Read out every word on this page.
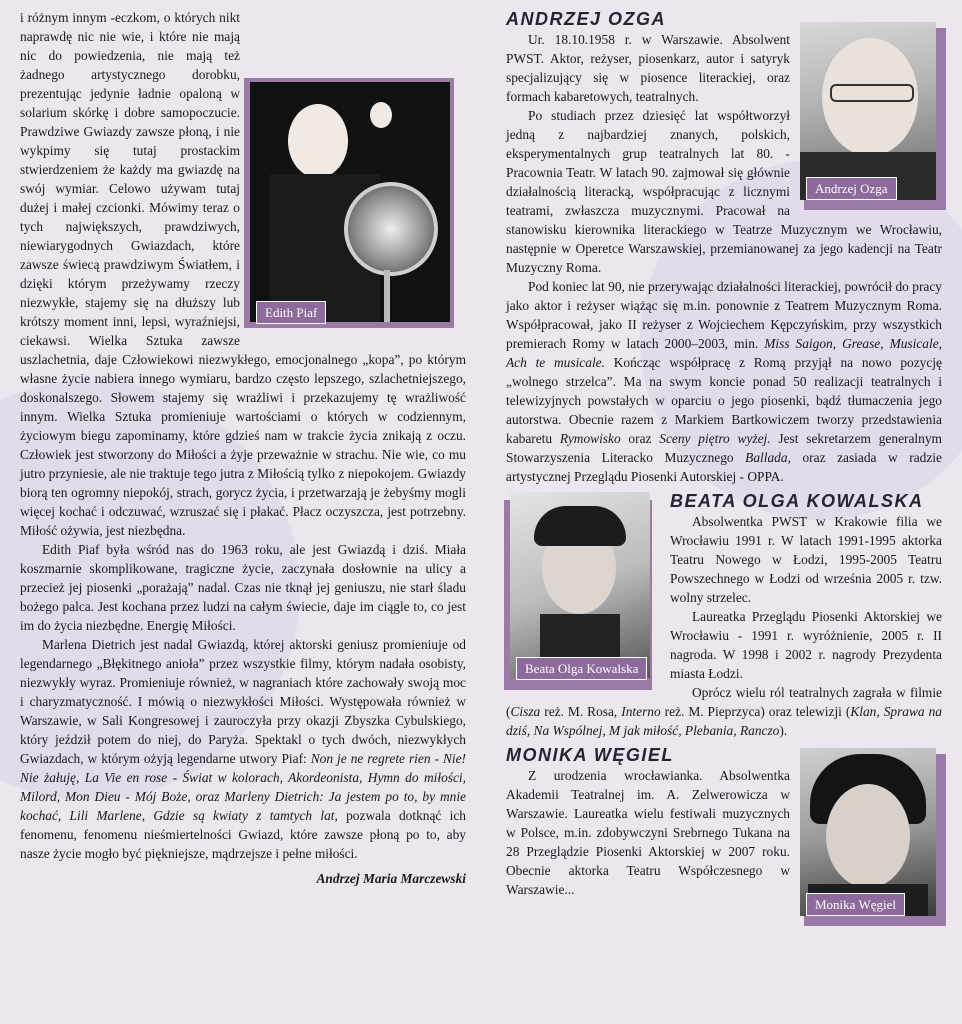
Edith Piaf

i różnym innym -eczkom, o których nikt naprawdę nic nie wie, i które nie mają nic do powiedzenia, nie mają też żadnego artystycznego dorobku, prezentując jedynie ładnie opaloną w solarium skórkę i dobre samopoczucie. Prawdziwe Gwiazdy zawsze płoną, i nie wykpimy się tutaj prostackim stwierdzeniem że każdy ma gwiazdę na swój wymiar. Celowo używam tutaj dużej i małej czcionki. Mówimy teraz o tych największych, prawdziwych, niewiarygodnych Gwiazdach, które zawsze świecą prawdziwym Światłem, i dzięki którym przeżywamy rzeczy niezwykłe, stajemy się na dłuższy lub krótszy moment inni, lepsi, wyraźniejsi, ciekawsi. Wielka Sztuka zawsze uszlachetnia, daje Człowiekowi niezwykłego, emocjonalnego „kopa”, po którym własne życie nabiera innego wymiaru, bardzo często lepszego, szlachetniejszego, doskonalszego. Słowem stajemy się wrażliwi i przekazujemy tę wrażliwość innym. Wielka Sztuka promieniuje wartościami o których w codziennym, życiowym biegu zapominamy, które gdzieś nam w trakcie życia znikają z oczu. Człowiek jest stworzony do Miłości a żyje przeważnie w strachu. Nie wie, co mu jutro przyniesie, ale nie traktuje tego jutra z Miłością tylko z niepokojem. Gwiazdy biorą ten ogromny niepokój, strach, gorycz życia, i przetwarzają je żebyśmy mogli więcej kochać i odczuwać, wzruszać się i płakać. Płacz oczyszcza, jest potrzebny. Miłość ożywia, jest niezbędna.

Edith Piaf była wśród nas do 1963 roku, ale jest Gwiazdą i dziś. Miała koszmarnie skomplikowane, tragiczne życie, zaczynała dosłownie na ulicy a przecież jej piosenki „porażają” nadal. Czas nie tknął jej geniuszu, nie starł śladu bożego palca. Jest kochana przez ludzi na całym świecie, daje im ciągle to, co jest im do życia niezbędne. Energię Miłości.

Marlena Dietrich jest nadal Gwiazdą, której aktorski geniusz promieniuje od legendarnego „Błękitnego anioła” przez wszystkie filmy, którym nadała osobisty, niezwykły wyraz. Promieniuje również, w nagraniach które zachowały swoją moc i charyzmatyczność. I mówią o niezwykłości Miłości. Występowała również w Warszawie, w Sali Kongresowej i zauroczyła przy okazji Zbyszka Cybulskiego, który jeździł potem do niej, do Paryża. Spektakl o tych dwóch, niezwykłych Gwiazdach, w którym ożyją legendarne utwory Piaf: Non je ne regrete rien - Nie! Nie żałuję, La Vie en rose - Świat w kolorach, Akordeonista, Hymn do miłości, Milord, Mon Dieu - Mój Boże, oraz Marleny Dietrich: Ja jestem po to, by mnie kochać, Lili Marlene, Gdzie są kwiaty z tamtych lat, pozwala dotknąć ich fenomenu, fenomenu nieśmiertelności Gwiazd, które zawsze płoną po to, aby nasze życie mogło być piękniejsze, mądrzejsze i pełne miłości.

Andrzej Maria Marczewski
Andrzej Ozga
ANDRZEJ OZGA

Ur. 18.10.1958 r. w Warszawie. Absolwent PWST. Aktor, reżyser, piosenkarz, autor i satyryk specjalizujący się w piosence literackiej, oraz formach kabaretowych, teatralnych.

Po studiach przez dziesięć lat współtworzył jedną z najbardziej znanych, polskich, eksperymentalnych grup teatralnych lat 80. - Pracownia Teatr. W latach 90. zajmował się głównie działalnością literacką, współpracując z licznymi teatrami, zwłaszcza muzycznymi. Pracował na stanowisku kierownika literackiego w Teatrze Muzycznym we Wrocławiu, następnie w Operetce Warszawskiej, przemianowanej za jego kadencji na Teatr Muzyczny Roma.

Pod koniec lat 90, nie przerywając działalności literackiej, powrócił do pracy jako aktor i reżyser wiążąc się m.in. ponownie z Teatrem Muzycznym Roma. Współpracował, jako II reżyser z Wojciechem Kępczyńskim, przy wszystkich premierach Romy w latach 2000–2003, min. Miss Saigon, Grease, Musicale, Ach te musicale. Kończąc współpracę z Romą przyjął na nowo pozycję „wolnego strzelca”. Ma na swym koncie ponad 50 realizacji teatralnych i telewizyjnych powstałych w oparciu o jego piosenki, bądź tłumaczenia jego autorstwa. Obecnie razem z Markiem Bartkowiczem tworzy przedstawienia kabaretu Rymowisko oraz Sceny piętro wyżej. Jest sekretarzem generalnym Stowarzyszenia Literacko Muzycznego Ballada, oraz zasiada w radzie artystycznej Przeglądu Piosenki Autorskiej - OPPA.

Beata Olga Kowalska
BEATA OLGA KOWALSKA

Absolwentka PWST w Krakowie filia we Wrocławiu 1991 r. W latach 1991-1995 aktorka Teatru Nowego w Łodzi, 1995-2005 Teatru Powszechnego w Łodzi od września 2005 r. tzw. wolny strzelec.

Laureatka Przeglądu Piosenki Aktorskiej we Wrocławiu - 1991 r. wyróżnienie, 2005 r. II nagroda. W 1998 i 2002 r. nagrody Prezydenta miasta Łodzi.

Oprócz wielu ról teatralnych zagrała w filmie (Cisza reż. M. Rosa, Interno reż. M. Pieprzyca) oraz telewizji (Klan, Sprawa na dziś, Na Wspólnej, M jak miłość, Plebania, Ranczo).

Monika Węgiel
MONIKA WĘGIEL

Z urodzenia wrocławianka. Absolwentka Akademii Teatralnej im. A. Zelwerowicza w Warszawie. Laureatka wielu festiwali muzycznych w Polsce, m.in. zdobywczyni Srebrnego Tukana na 28 Przeglądzie Piosenki Aktorskiej w 2007 roku. Obecnie aktorka Teatru Współczesnego w Warszawie...
